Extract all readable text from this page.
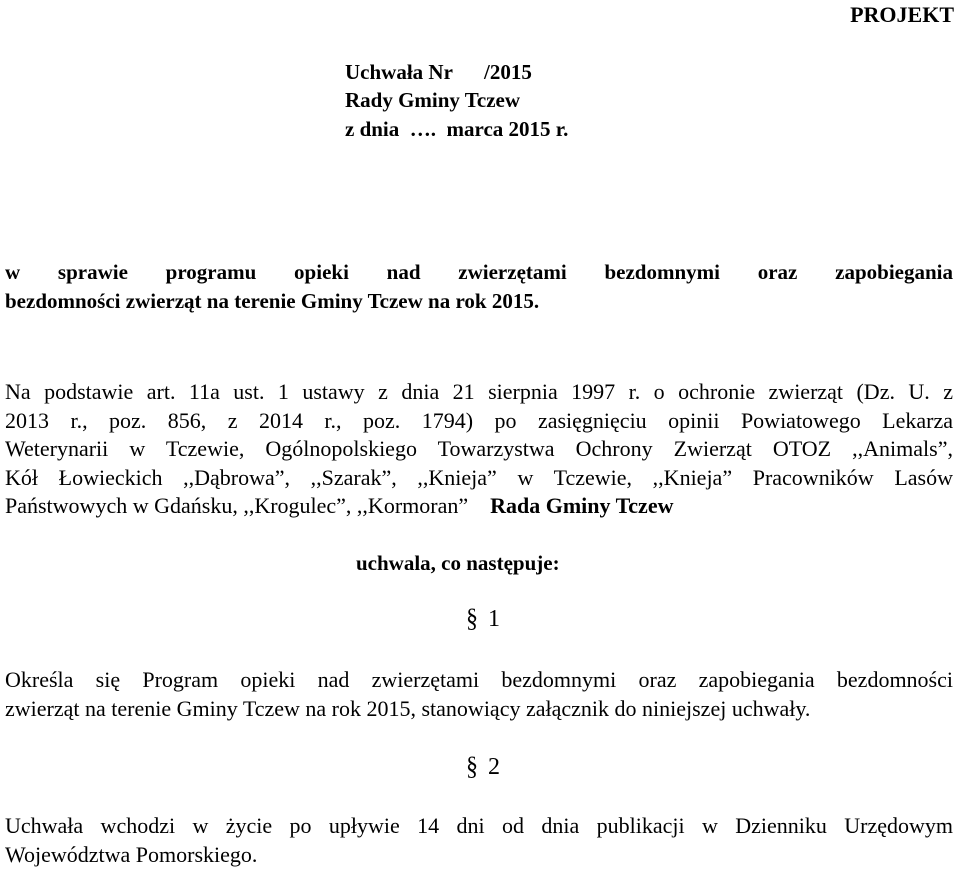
PROJEKT
Uchwała Nr      /2015
Rady Gminy Tczew
z dnia  ….  marca 2015 r.
w sprawie programu opieki nad zwierzętami bezdomnymi oraz zapobiegania
bezdomności zwierząt na terenie Gminy Tczew na rok 2015.
Na podstawie art. 11a ust. 1 ustawy z dnia 21 sierpnia 1997 r. o ochronie zwierząt (Dz. U. z
2013 r., poz. 856, z 2014 r., poz. 1794) po zasięgnięciu opinii Powiatowego Lekarza
Weterynarii w Tczewie, Ogólnopolskiego Towarzystwa Ochrony Zwierząt OTOZ ,,Animals”,
Kół Łowieckich ,,Dąbrowa”, ,,Szarak”, ,,Knieja” w Tczewie, ,,Knieja” Pracowników Lasów
Państwowych w Gdańsku, ,,Krogulec”, ,,Kormoran” Rada Gminy Tczew
uchwala, co następuje:
§ 1
Określa się Program opieki nad zwierzętami bezdomnymi oraz zapobiegania bezdomności
zwierząt na terenie Gminy Tczew na rok 2015, stanowiący załącznik do niniejszej uchwały.
§ 2
Uchwała wchodzi w życie po upływie 14 dni od dnia publikacji w Dzienniku Urzędowym
Województwa Pomorskiego.
